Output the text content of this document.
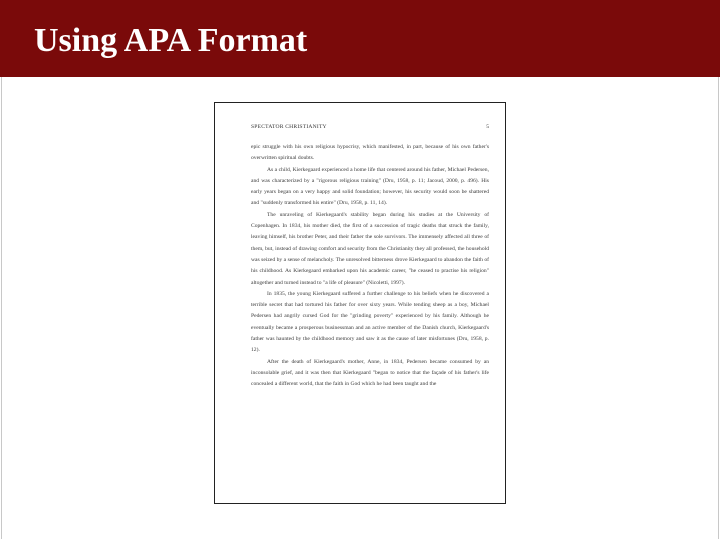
Using APA Format
SPECTATOR CHRISTIANITY	5

epic struggle with his own religious hypocrisy, which manifested, in part, because of his own father's overwritten spiritual doubts.

As a child, Kierkegaard experienced a home life that centered around his father, Michael Pedersen, and was characterized by a "rigorous religious training" (Dru, 1958, p. 11; Jacoud, 2000, p. 496). His early years began on a very happy and solid foundation; however, his security would soon be shattered and "suddenly transformed his entire" (Dru, 1958, p. 11, 14).

The unraveling of Kierkegaard's stability began during his studies at the University of Copenhagen. In 1834, his mother died, the first of a succession of tragic deaths that struck the family, leaving himself, his brother Peter, and their father the sole survivors. The immensely affected all three of them, but, instead of drawing comfort and security from the Christianity they all professed, the household was seized by a sense of melancholy. The unresolved bitterness drove Kierkegaard to abandon the faith of his childhood. As Kierkegaard embarked upon his academic career, "he ceased to practise his religion" altogether and turned instead to "a life of pleasure" (Nicoletti, 1997).

In 1835, the young Kierkegaard suffered a further challenge to his beliefs when he discovered a terrible secret that had tortured his father for over sixty years. While tending sheep as a boy, Michael Pedersen had angrily cursed God for the "grinding poverty" experienced by his family. Although he eventually became a prosperous businessman and an active member of the Danish church, Kierkegaard's father was haunted by the childhood memory and saw it as the cause of later misfortunes (Dru, 1958, p. 12).

After the death of Kierkegaard's mother, Anne, in 1834, Pedersen became consumed by an inconsolable grief, and it was then that Kierkegaard "began to notice that the façade of his father's life concealed a different world, that the faith in God which he had been taught and the
